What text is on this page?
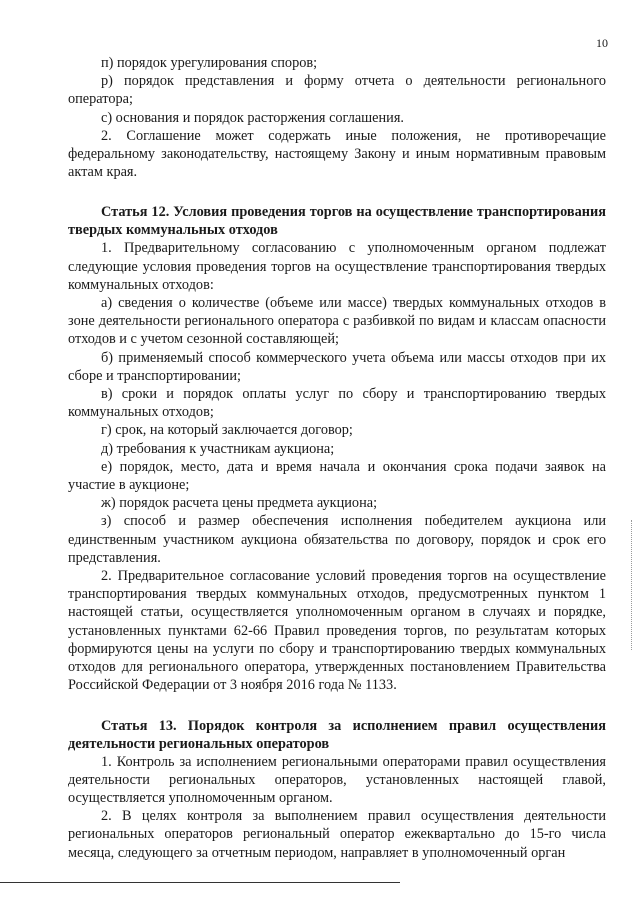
10

п) порядок урегулирования споров;

р) порядок представления и форму отчета о деятельности регионального оператора;

с) основания и порядок расторжения соглашения.

2. Соглашение может содержать иные положения, не противоречащие федеральному законодательству, настоящему Закону и иным нормативным правовым актам края.

Статья 12. Условия проведения торгов на осуществление транспортирования твердых коммунальных отходов

1. Предварительному согласованию с уполномоченным органом подлежат следующие условия проведения торгов на осуществление транспортирования твердых коммунальных отходов:

а) сведения о количестве (объеме или массе) твердых коммунальных отходов в зоне деятельности регионального оператора с разбивкой по видам и классам опасности отходов и с учетом сезонной составляющей;

б) применяемый способ коммерческого учета объема или массы отходов при их сборе и транспортировании;

в) сроки и порядок оплаты услуг по сбору и транспортированию твердых коммунальных отходов;

г) срок, на который заключается договор;

д) требования к участникам аукциона;

е) порядок, место, дата и время начала и окончания срока подачи заявок на участие в аукционе;

ж) порядок расчета цены предмета аукциона;

з) способ и размер обеспечения исполнения победителем аукциона или единственным участником аукциона обязательства по договору, порядок и срок его представления.

2. Предварительное согласование условий проведения торгов на осуществление транспортирования твердых коммунальных отходов, предусмотренных пунктом 1 настоящей статьи, осуществляется уполномоченным органом в случаях и порядке, установленных пунктами 62-66 Правил проведения торгов, по результатам которых формируются цены на услуги по сбору и транспортированию твердых коммунальных отходов для регионального оператора, утвержденных постановлением Правительства Российской Федерации от 3 ноября 2016 года № 1133.

Статья 13. Порядок контроля за исполнением правил осуществления деятельности региональных операторов

1. Контроль за исполнением региональными операторами правил осуществления деятельности региональных операторов, установленных настоящей главой, осуществляется уполномоченным органом.

2. В целях контроля за выполнением правил осуществления деятельности региональных операторов региональный оператор ежеквартально до 15-го числа месяца, следующего за отчетным периодом, направляет в уполномоченный орган
